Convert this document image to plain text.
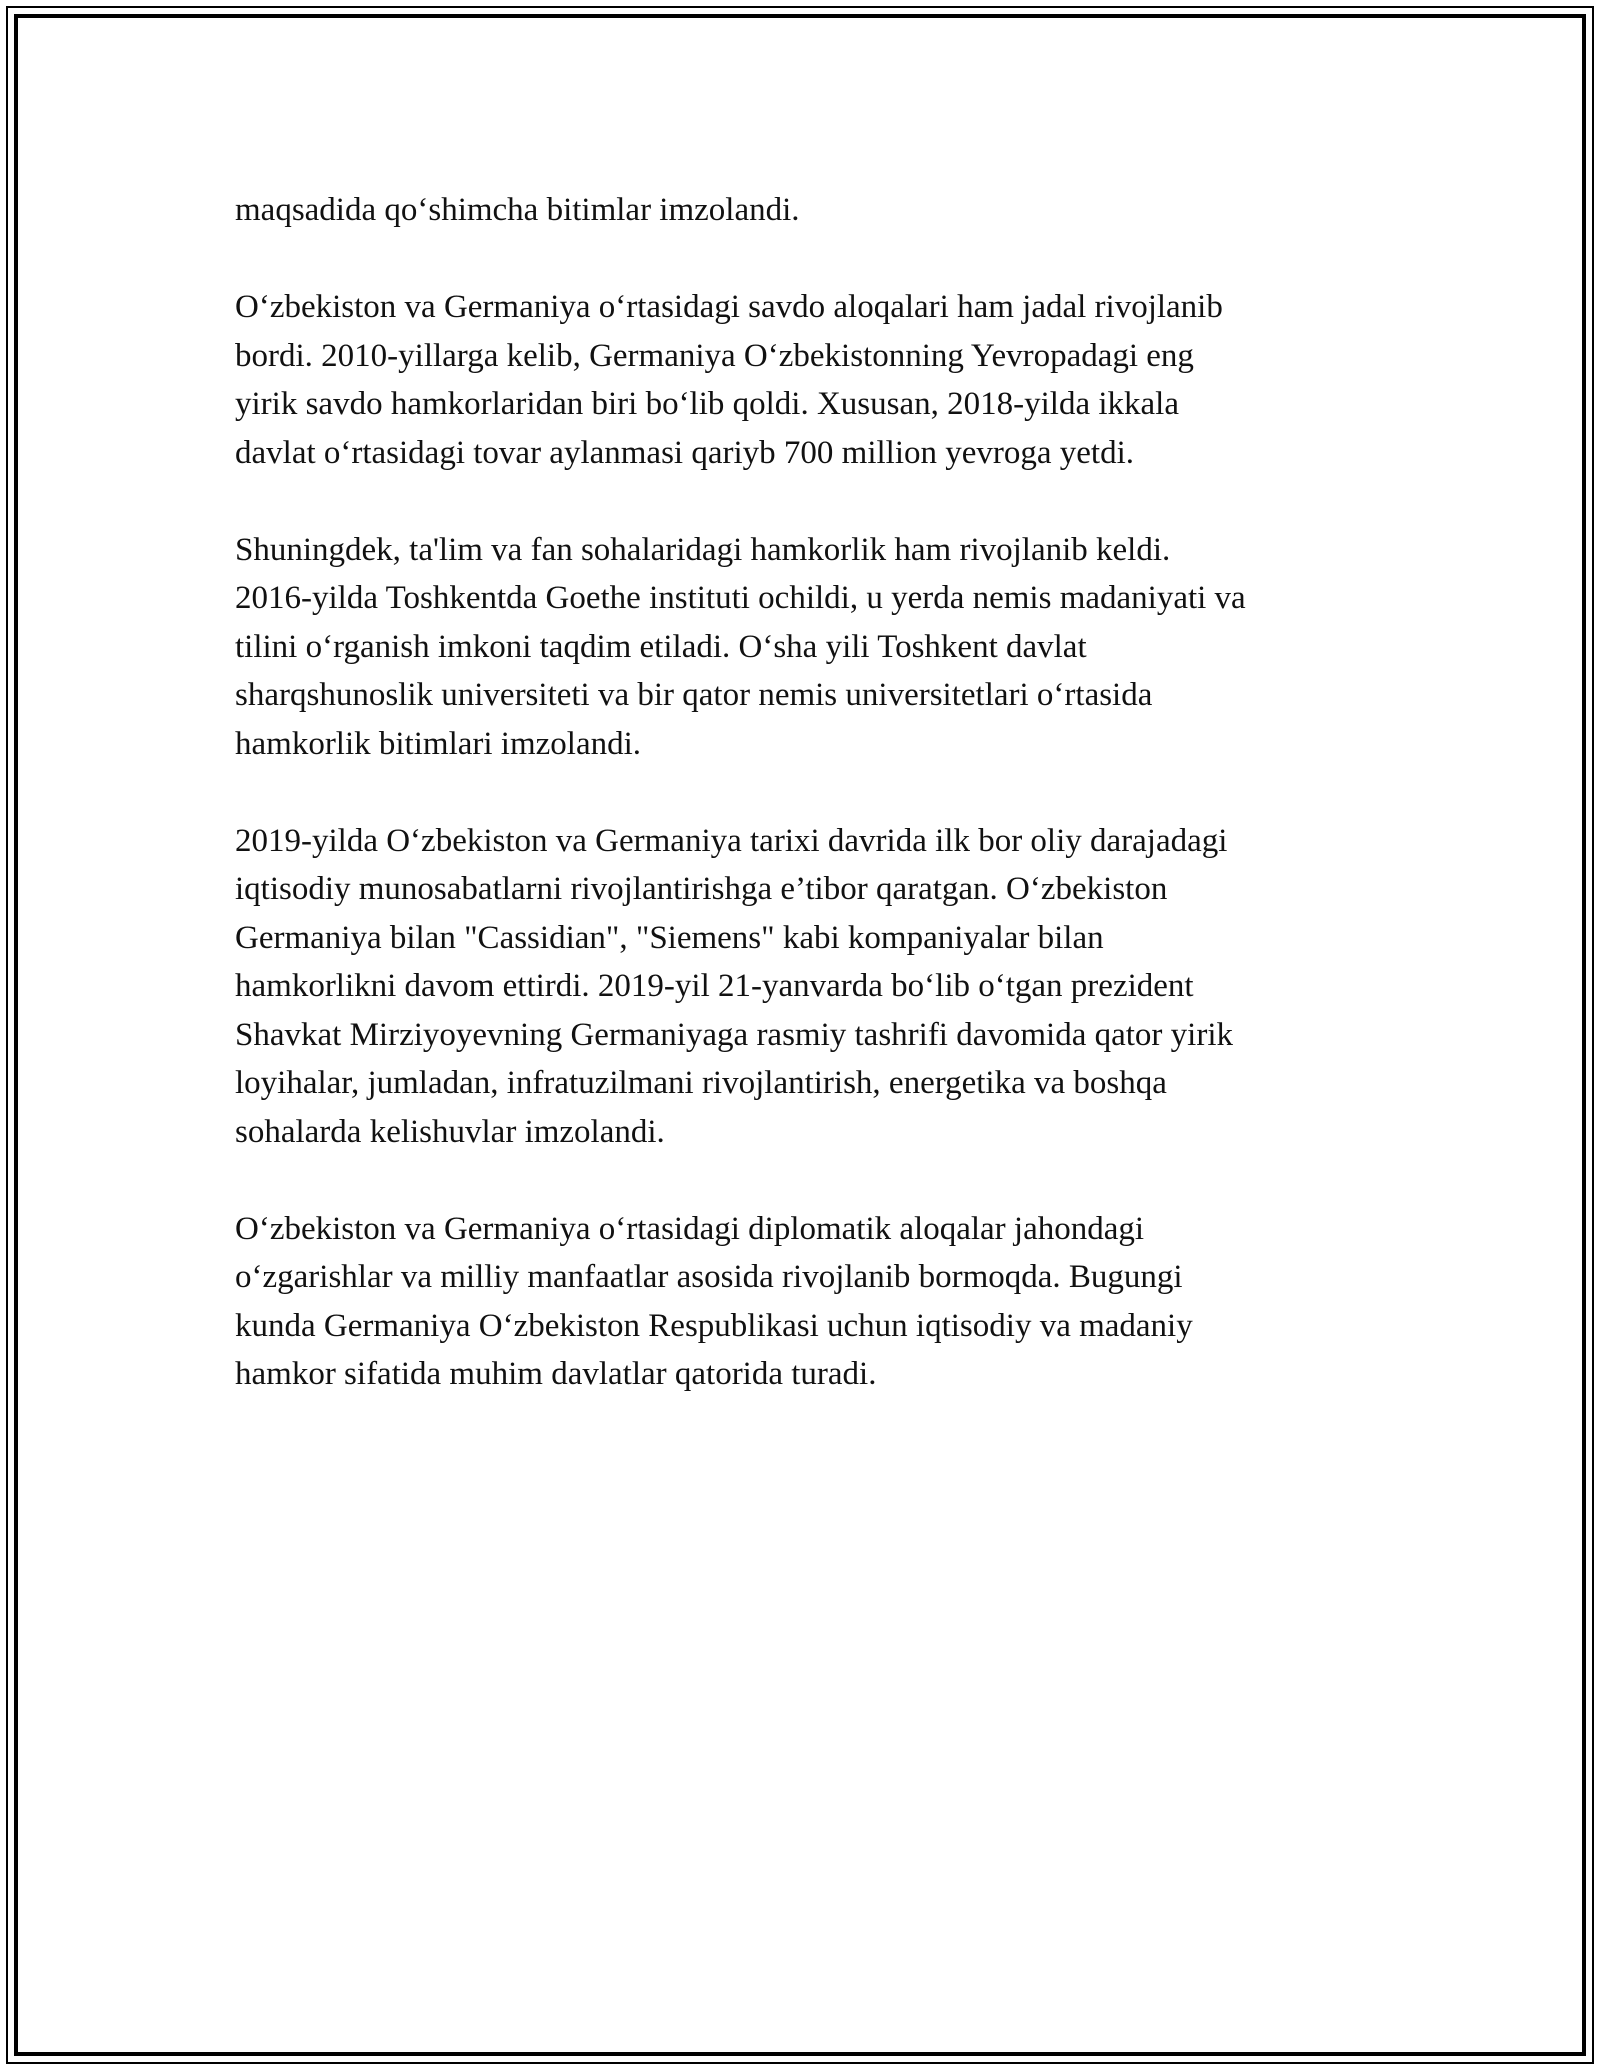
maqsadida qo‘shimcha bitimlar imzolandi.

O‘zbekiston va Germaniya o‘rtasidagi savdo aloqalari ham jadal rivojlanib
bordi. 2010-yillarga kelib, Germaniya O‘zbekistonning Yevropadagi eng
yirik savdo hamkorlaridan biri bo‘lib qoldi. Xususan, 2018-yilda ikkala
davlat o‘rtasidagi tovar aylanmasi qariyb 700 million yevroga yetdi.

Shuningdek, ta'lim va fan sohalaridagi hamkorlik ham rivojlanib keldi.
2016-yilda Toshkentda Goethe instituti ochildi, u yerda nemis madaniyati va
tilini o‘rganish imkoni taqdim etiladi. O‘sha yili Toshkent davlat
sharqshunoslik universiteti va bir qator nemis universitetlari o‘rtasida
hamkorlik bitimlari imzolandi.

2019-yilda O‘zbekiston va Germaniya tarixi davrida ilk bor oliy darajadagi
iqtisodiy munosabatlarni rivojlantirishga e’tibor qaratgan. O‘zbekiston
Germaniya bilan "Cassidian", "Siemens" kabi kompaniyalar bilan
hamkorlikni davom ettirdi. 2019-yil 21-yanvarda bo‘lib o‘tgan prezident
Shavkat Mirziyoyevning Germaniyaga rasmiy tashrifi davomida qator yirik
loyihalar, jumladan, infratuzilmani rivojlantirish, energetika va boshqa
sohalarda kelishuvlar imzolandi.

O‘zbekiston va Germaniya o‘rtasidagi diplomatik aloqalar jahondagi
o‘zgarishlar va milliy manfaatlar asosida rivojlanib bormoqda. Bugungi
kunda Germaniya O‘zbekiston Respublikasi uchun iqtisodiy va madaniy
hamkor sifatida muhim davlatlar qatorida turadi.
